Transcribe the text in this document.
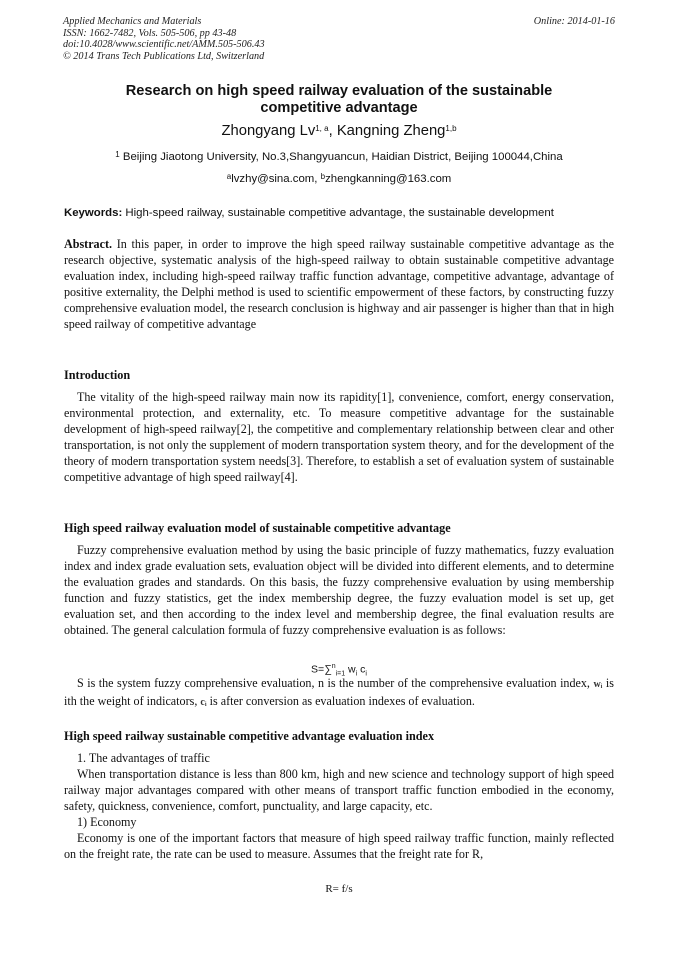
Applied Mechanics and Materials
ISSN: 1662-7482, Vols. 505-506, pp 43-48
doi:10.4028/www.scientific.net/AMM.505-506.43
© 2014 Trans Tech Publications Ltd, Switzerland
Online: 2014-01-16
Research on high speed railway evaluation of the sustainable
competitive advantage
Zhongyang Lv$^{1, a}$, Kangning Zheng$^{1,b}$
$^1$ Beijing Jiaotong University, No.3,Shangyuancun, Haidian District, Beijing 100044,China
$^a$lvzhy@sina.com, $^b$zhengkanning@163.com
Keywords: High-speed railway, sustainable competitive advantage, the sustainable development

Abstract. In this paper, in order to improve the high speed railway sustainable competitive advantage as the research objective, systematic analysis of the high-speed railway to obtain sustainable competitive advantage evaluation index, including high-speed railway traffic function advantage, competitive advantage, advantage of positive externality, the Delphi method is used to scientific empowerment of these factors, by constructing fuzzy comprehensive evaluation model, the research conclusion is highway and air passenger is higher than that in high speed railway of competitive advantage

Introduction

The vitality of the high-speed railway main now its rapidity[1], convenience, comfort, energy conservation, environmental protection, and externality, etc. To measure competitive advantage for the sustainable development of high-speed railway[2], the competitive and complementary relationship between clear and other transportation, is not only the supplement of modern transportation system theory, and for the development of the theory of modern transportation system needs[3]. Therefore, to establish a set of evaluation system of sustainable competitive advantage of high speed railway[4].

High speed railway evaluation model of sustainable competitive advantage

Fuzzy comprehensive evaluation method by using the basic principle of fuzzy mathematics, fuzzy evaluation index and index grade evaluation sets, evaluation object will be divided into different elements, and to determine the evaluation grades and standards. On this basis, the fuzzy comprehensive evaluation by using membership function and fuzzy statistics, get the index membership degree, the fuzzy evaluation model is set up, get evaluation set, and then according to the index level and membership degree, the final evaluation results are obtained. The general calculation formula of fuzzy comprehensive evaluation is as follows:

S=∑$^n_{i=1}$ $w_i$ $c_i$

S is the system fuzzy comprehensive evaluation, n is the number of the comprehensive evaluation index, wᵢ is ith the weight of indicators, cᵢ is after conversion as evaluation indexes of evaluation.

High speed railway sustainable competitive advantage evaluation index

1. The advantages of traffic

When transportation distance is less than 800 km, high and new science and technology support of high speed railway major advantages compared with other means of transport traffic function embodied in the economy, safety, quickness, convenience, comfort, punctuality, and large capacity, etc.

1) Economy

Economy is one of the important factors that measure of high speed railway traffic function, mainly reflected on the freight rate, the rate can be used to measure. Assumes that the freight rate for R,

R= f/s
